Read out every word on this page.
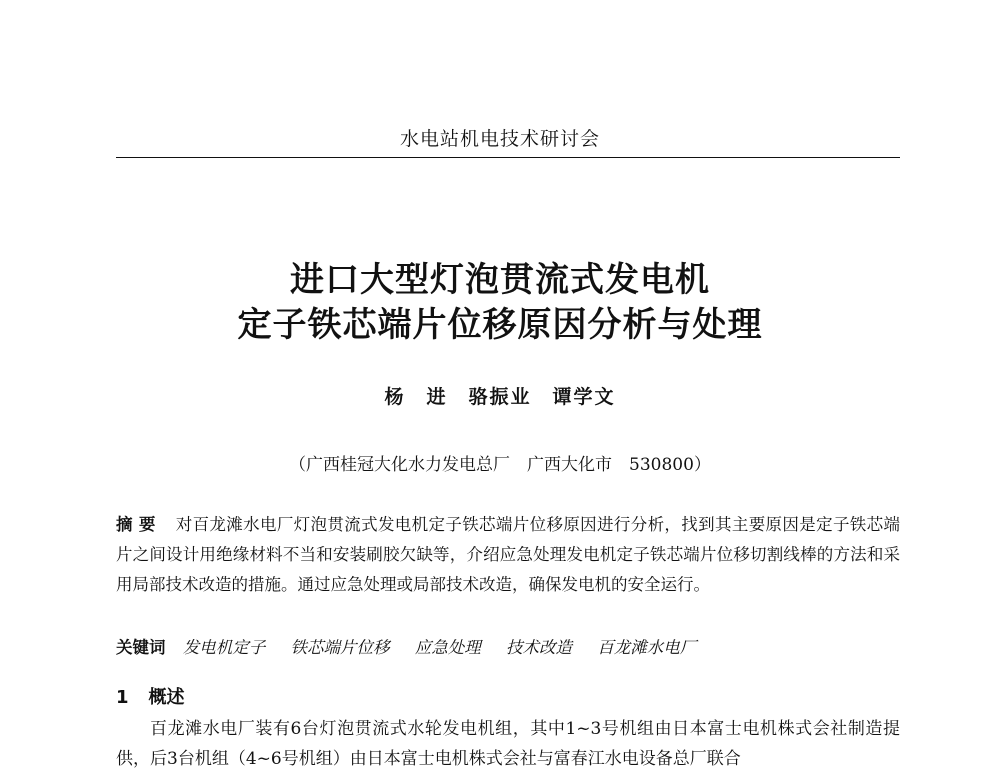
水电站机电技术研讨会
进口大型灯泡贯流式发电机
定子铁芯端片位移原因分析与处理
杨　进　骆振业　谭学文
（广西桂冠大化水力发电总厂　广西大化市　530800）
摘要 对百龙滩水电厂灯泡贯流式发电机定子铁芯端片位移原因进行分析，找到其主要原因是定子铁芯端片之间设计用绝缘材料不当和安装刷胶欠缺等，介绍应急处理发电机定子铁芯端片位移切割线棒的方法和采用局部技术改造的措施。通过应急处理或局部技术改造，确保发电机的安全运行。
关键词 发电机定子 铁芯端片位移 应急处理 技术改造 百龙滩水电厂
1 概述
百龙滩水电厂装有6台灯泡贯流式水轮发电机组，其中1~3号机组由日本富士电机株式会社制造提供，后3台机组（4~6号机组）由日本富士电机株式会社与富春江水电设备总厂联合
